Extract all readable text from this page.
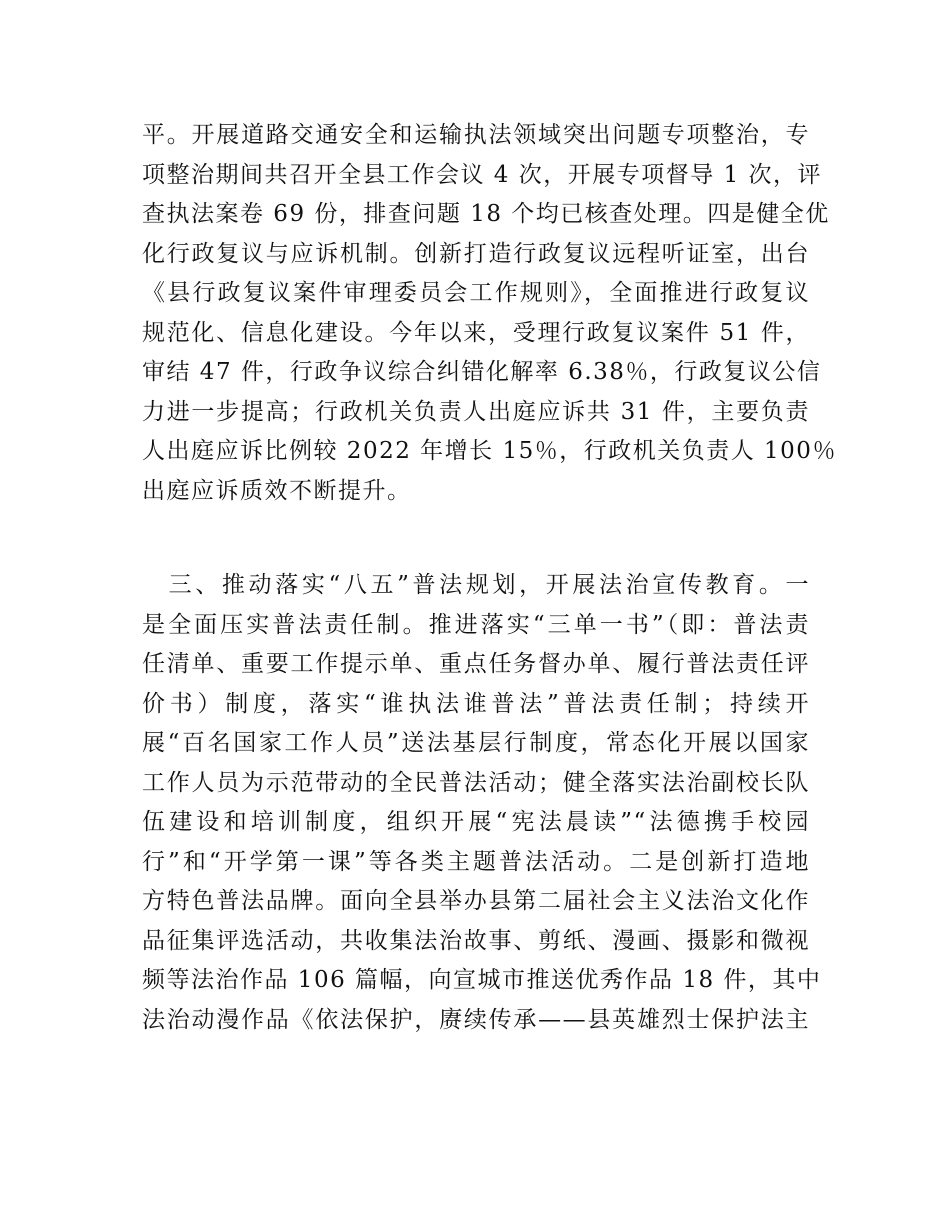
平。开展道路交通安全和运输执法领域突出问题专项整治，专
项整治期间共召开全县工作会议 4 次，开展专项督导 1 次，评
查执法案卷 69 份，排查问题 18 个均已核查处理。四是健全优
化行政复议与应诉机制。创新打造行政复议远程听证室，出台
《县行政复议案件审理委员会工作规则》，全面推进行政复议
规范化、信息化建设。今年以来，受理行政复议案件 51 件，
审结 47 件，行政争议综合纠错化解率 6.38％，行政复议公信
力进一步提高；行政机关负责人出庭应诉共 31 件，主要负责
人出庭应诉比例较 2022 年增长 15％，行政机关负责人 100％
出庭应诉质效不断提升。
　三、推动落实“八五”普法规划，开展法治宣传教育。一
是全面压实普法责任制。推进落实“三单一书”（即：普法责
任清单、重要工作提示单、重点任务督办单、履行普法责任评
价书）制度，落实“谁执法谁普法”普法责任制；持续开
展“百名国家工作人员”送法基层行制度，常态化开展以国家
工作人员为示范带动的全民普法活动；健全落实法治副校长队
伍建设和培训制度，组织开展“宪法晨读”“法德携手校园
行”和“开学第一课”等各类主题普法活动。二是创新打造地
方特色普法品牌。面向全县举办县第二届社会主义法治文化作
品征集评选活动，共收集法治故事、剪纸、漫画、摄影和微视
频等法治作品 106 篇幅，向宣城市推送优秀作品 18 件，其中
法治动漫作品《依法保护，赓续传承——县英雄烈士保护法主
